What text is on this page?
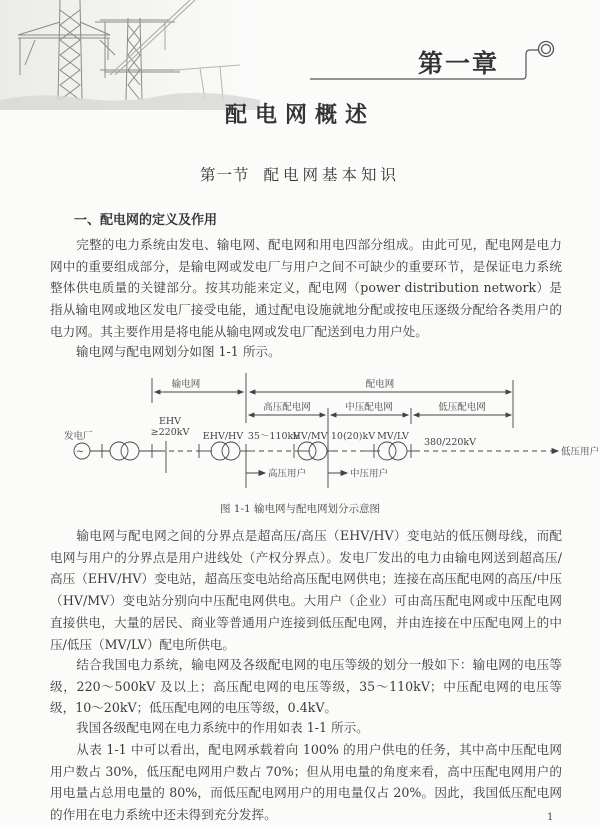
第一章
配电网概述
第一节 配电网基本知识
一、配电网的定义及作用
完整的电力系统由发电、输电网、配电网和用电四部分组成。由此可见，配电网是电力网中的重要组成部分，是输电网或发电厂与用户之间不可缺少的重要环节，是保证电力系统整体供电质量的关键部分。按其功能来定义，配电网（power distribution network）是指从输电网或地区发电厂接受电能，通过配电设施就地分配或按电压逐级分配给各类用户的电力网。其主要作用是将电能从输电网或发电厂配送到电力用户处。
输电网与配电网划分如图 1-1 所示。
~
输电网	配电网
高压配电网	中压配电网	低压配电网
发电厂
EHV
≥220kV EHV/HV 35～110kV
HV/MV 10(20)kV MV/LV
380/220kV
低压用户
高压用户	中压用户
图 1-1 输电网与配电网划分示意图
输电网与配电网之间的分界点是超高压/高压（EHV/HV）变电站的低压侧母线，而配电网与用户的分界点是用户进线处（产权分界点）。发电厂发出的电力由输电网送到超高压/高压（EHV/HV）变电站，超高压变电站给高压配电网供电；连接在高压配电网的高压/中压（HV/MV）变电站分别向中压配电网供电。大用户（企业）可由高压配电网或中压配电网直接供电，大量的居民、商业等普通用户连接到低压配电网，并由连接在中压配电网上的中压/低压（MV/LV）配电所供电。
结合我国电力系统，输电网及各级配电网的电压等级的划分一般如下：输电网的电压等级，220～500kV 及以上；高压配电网的电压等级，35～110kV；中压配电网的电压等级，10～20kV；低压配电网的电压等级，0.4kV。
我国各级配电网在电力系统中的作用如表 1-1 所示。
从表 1-1 中可以看出，配电网承载着向 100% 的用户供电的任务，其中高中压配电网用户数占 30%，低压配电网用户数占 70%；但从用电量的角度来看，高中压配电网用户的用电量占总用电量的 80%，而低压配电网用户的用电量仅占 20%。因此，我国低压配电网的作用在电力系统中还未得到充分发挥。	1
